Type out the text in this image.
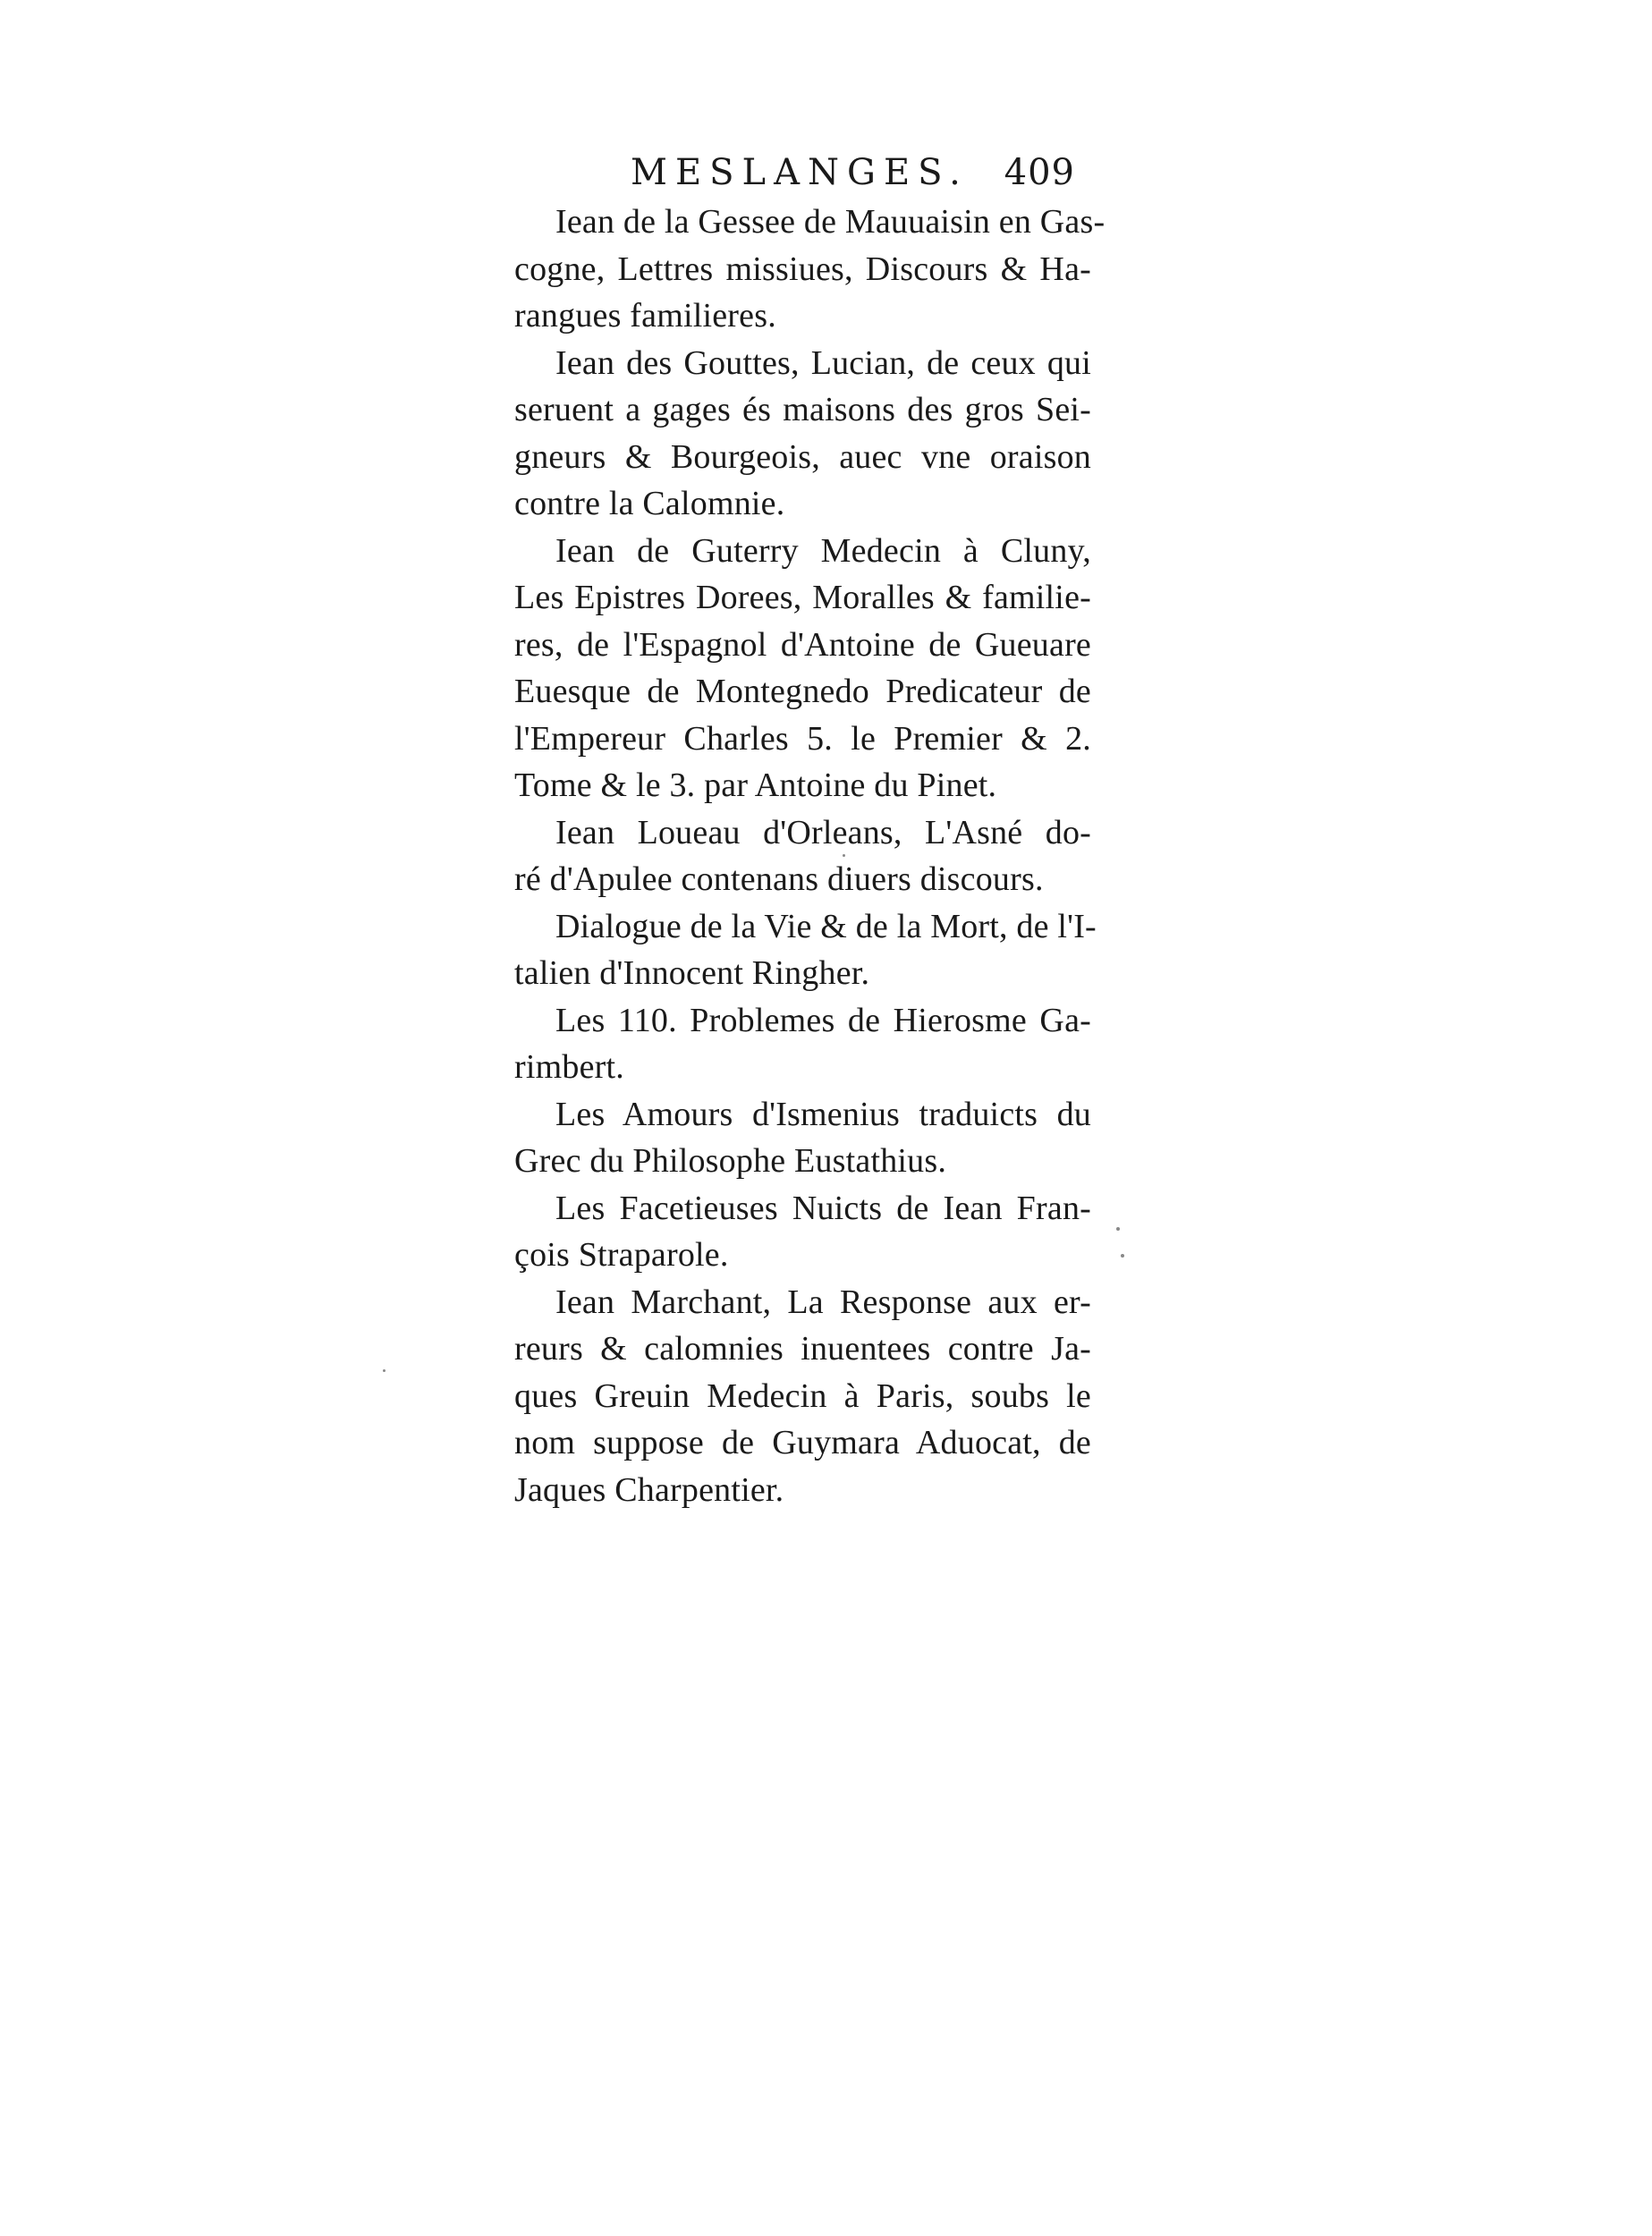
MESLANGES. 409
Iean de la Gessee de Mauuaisin en Gas-
cogne, Lettres missiues, Discours & Ha-
rangues familieres.
Iean des Gouttes, Lucian, de ceux qui
seruent a gages és maisons des gros Sei-
gneurs & Bourgeois, auec vne oraison
contre la Calomnie.
Iean de Guterry Medecin à Cluny,
Les Epistres Dorees, Moralles & familie-
res, de l'Espagnol d'Antoine de Gueuare
Euesque de Montegnedo Predicateur de
l'Empereur Charles 5. le Premier & 2.
Tome & le 3. par Antoine du Pinet.
Iean Loueau d'Orleans, L'Asné do-
ré d'Apulee contenans diuers discours.
Dialogue de la Vie & de la Mort, de l'I-
talien d'Innocent Ringher.
Les 110. Problemes de Hierosme Ga-
rimbert.
Les Amours d'Ismenius traduicts du
Grec du Philosophe Eustathius.
Les Facetieuses Nuicts de Iean Fran-
çois Straparole.
Iean Marchant, La Response aux er-
reurs & calomnies inuentees contre Ja-
ques Greuin Medecin à Paris, soubs le
nom suppose de Guymara Aduocat, de
Jaques Charpentier.
